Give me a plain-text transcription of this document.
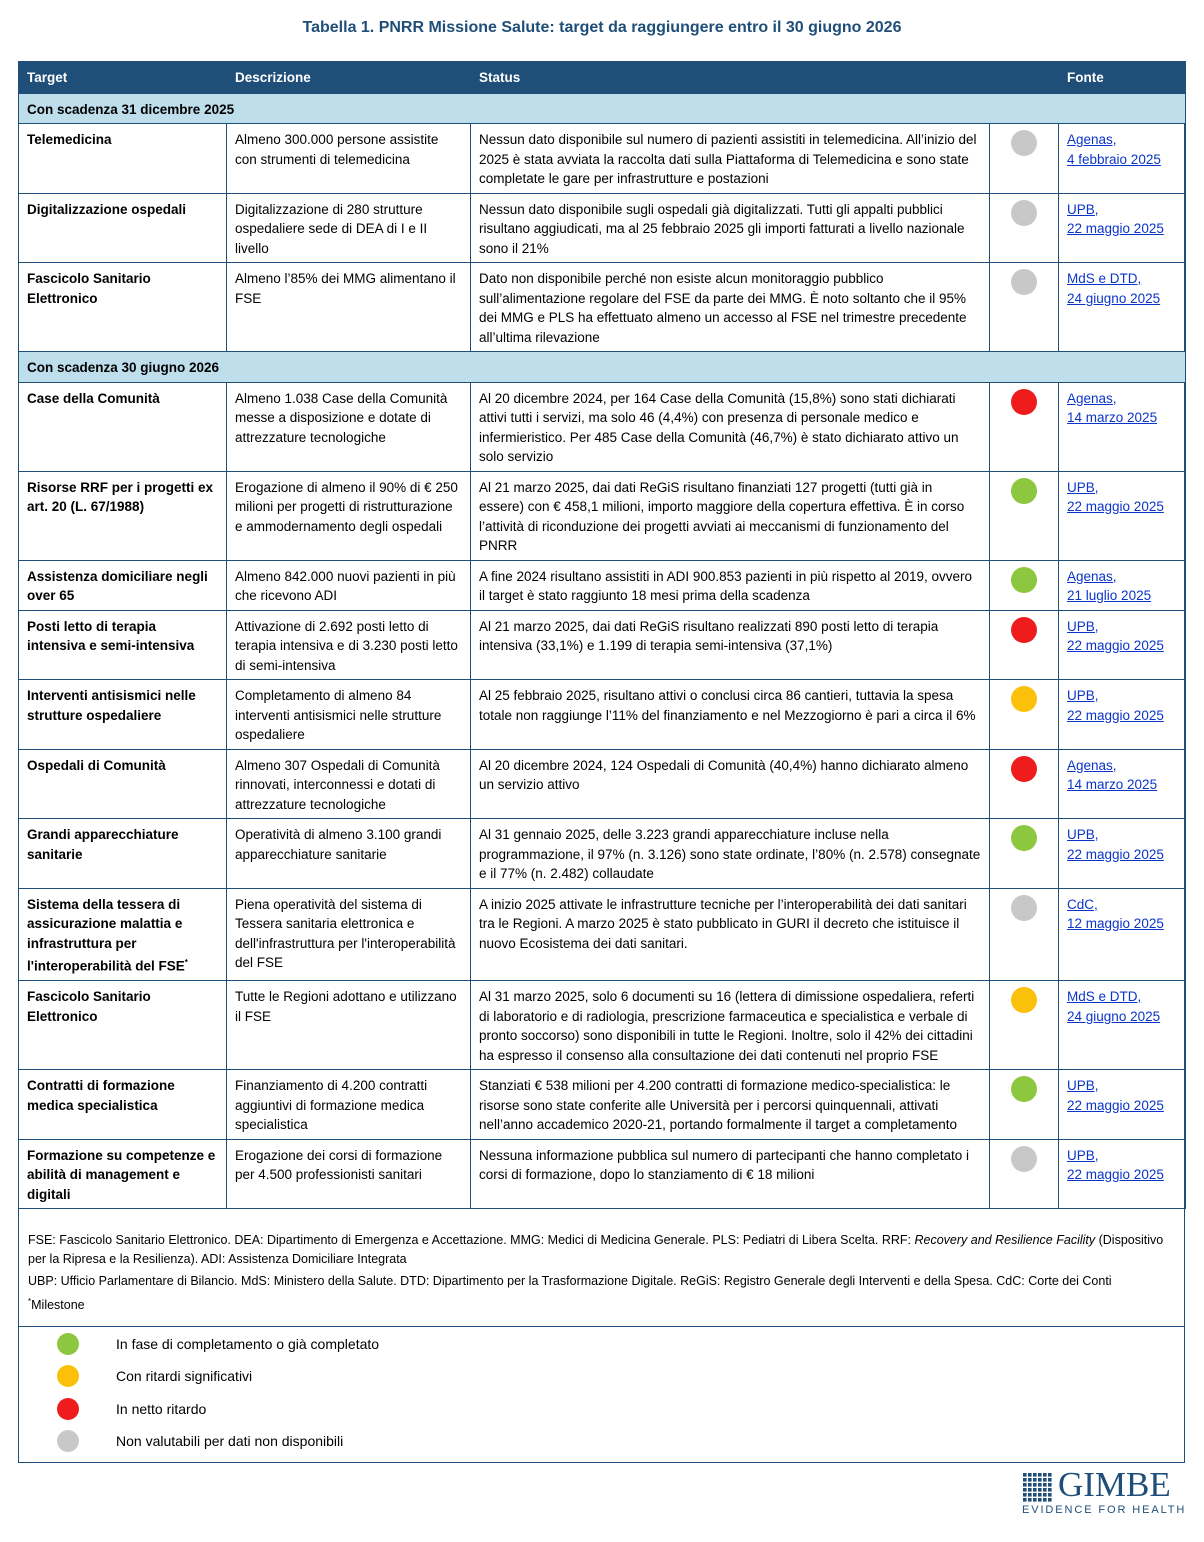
Tabella 1. PNRR Missione Salute: target da raggiungere entro il 30 giugno 2026
Target	Descrizione	Status		Fonte
Con scadenza 31 dicembre 2025				
Telemedicina	Almeno 300.000 persone assistite con strumenti di telemedicina	Nessun dato disponibile sul numero di pazienti assistiti in telemedicina. All’inizio del 2025 è stata avviata la raccolta dati sulla Piattaforma di Telemedicina e sono state completate le gare per infrastrutture e postazioni		Agenas,
4 febbraio 2025
Digitalizzazione ospedali	Digitalizzazione di 280 strutture ospedaliere sede di DEA di I e II livello	Nessun dato disponibile sugli ospedali già digitalizzati. Tutti gli appalti pubblici risultano aggiudicati, ma al 25 febbraio 2025 gli importi fatturati a livello nazionale sono il 21%		UPB,
22 maggio 2025
Fascicolo Sanitario Elettronico	Almeno l’85% dei MMG alimentano il FSE	Dato non disponibile perché non esiste alcun monitoraggio pubblico sull’alimentazione regolare del FSE da parte dei MMG. È noto soltanto che il 95% dei MMG e PLS ha effettuato almeno un accesso al FSE nel trimestre precedente all’ultima rilevazione		MdS e DTD,
24 giugno 2025
Con scadenza 30 giugno 2026				
Case della Comunità	Almeno 1.038 Case della Comunità messe a disposizione e dotate di attrezzature tecnologiche	Al 20 dicembre 2024, per 164 Case della Comunità (15,8%) sono stati dichiarati attivi tutti i servizi, ma solo 46 (4,4%) con presenza di personale medico e infermieristico. Per 485 Case della Comunità (46,7%) è stato dichiarato attivo un solo servizio		Agenas,
14 marzo 2025
Risorse RRF per i progetti ex art. 20 (L. 67/1988)	Erogazione di almeno il 90% di € 250 milioni per progetti di ristrutturazione e ammodernamento degli ospedali	Al 21 marzo 2025, dai dati ReGiS risultano finanziati 127 progetti (tutti già in essere) con € 458,1 milioni, importo maggiore della copertura effettiva. È in corso l’attività di riconduzione dei progetti avviati ai meccanismi di funzionamento del PNRR		UPB,
22 maggio 2025
Assistenza domiciliare negli over 65	Almeno 842.000 nuovi pazienti in più che ricevono ADI	A fine 2024 risultano assistiti in ADI 900.853 pazienti in più rispetto al 2019, ovvero il target è stato raggiunto 18 mesi prima della scadenza		Agenas,
21 luglio 2025
Posti letto di terapia intensiva e semi-intensiva	Attivazione di 2.692 posti letto di terapia intensiva e di 3.230 posti letto di semi-intensiva	Al 21 marzo 2025, dai dati ReGiS risultano realizzati 890 posti letto di terapia intensiva (33,1%) e 1.199 di terapia semi-intensiva (37,1%)		UPB,
22 maggio 2025
Interventi antisismici nelle strutture ospedaliere	Completamento di almeno 84 interventi antisismici nelle strutture ospedaliere	Al 25 febbraio 2025, risultano attivi o conclusi circa 86 cantieri, tuttavia la spesa totale non raggiunge l’11% del finanziamento e nel Mezzogiorno è pari a circa il 6%		UPB,
22 maggio 2025
Ospedali di Comunità	Almeno 307 Ospedali di Comunità rinnovati, interconnessi e dotati di attrezzature tecnologiche	Al 20 dicembre 2024, 124 Ospedali di Comunità (40,4%) hanno dichiarato almeno un servizio attivo		Agenas,
14 marzo 2025
Grandi apparecchiature sanitarie	Operatività di almeno 3.100 grandi apparecchiature sanitarie	Al 31 gennaio 2025, delle 3.223 grandi apparecchiature incluse nella programmazione, il 97% (n. 3.126) sono state ordinate, l’80% (n. 2.578) consegnate e il 77% (n. 2.482) collaudate		UPB,
22 maggio 2025
Sistema della tessera di assicurazione malattia e infrastruttura per l'interoperabilità del FSE*	Piena operatività del sistema di Tessera sanitaria elettronica e dell'infrastruttura per l'interoperabilità del FSE	A inizio 2025 attivate le infrastrutture tecniche per l’interoperabilità dei dati sanitari tra le Regioni. A marzo 2025 è stato pubblicato in GURI il decreto che istituisce il nuovo Ecosistema dei dati sanitari.		CdC,
12 maggio 2025
Fascicolo Sanitario Elettronico	Tutte le Regioni adottano e utilizzano il FSE	Al 31 marzo 2025, solo 6 documenti su 16 (lettera di dimissione ospedaliera, referti di laboratorio e di radiologia, prescrizione farmaceutica e specialistica e verbale di pronto soccorso) sono disponibili in tutte le Regioni. Inoltre, solo il 42% dei cittadini ha espresso il consenso alla consultazione dei dati contenuti nel proprio FSE		MdS e DTD,
24 giugno 2025
Contratti di formazione medica specialistica	Finanziamento di 4.200 contratti aggiuntivi di formazione medica specialistica	Stanziati € 538 milioni per 4.200 contratti di formazione medico-specialistica: le risorse sono state conferite alle Università per i percorsi quinquennali, attivati nell’anno accademico 2020-21, portando formalmente il target a completamento		UPB,
22 maggio 2025
Formazione su competenze e abilità di management e digitali	Erogazione dei corsi di formazione per 4.500 professionisti sanitari	Nessuna informazione pubblica sul numero di partecipanti che hanno completato i corsi di formazione, dopo lo stanziamento di € 18 milioni		UPB,
22 maggio 2025
FSE: Fascicolo Sanitario Elettronico. DEA: Dipartimento di Emergenza e Accettazione. MMG: Medici di Medicina Generale. PLS: Pediatri di Libera Scelta. RRF: Recovery and Resilience Facility (Dispositivo per la Ripresa e la Resilienza). ADI: Assistenza Domiciliare Integrata
UBP: Ufficio Parlamentare di Bilancio. MdS: Ministero della Salute. DTD: Dipartimento per la Trasformazione Digitale. ReGiS: Registro Generale degli Interventi e della Spesa. CdC: Corte dei Conti
*Milestone
In fase di completamento o già completato
Con ritardi significativi
In netto ritardo
Non valutabili per dati non disponibili
GIMBE
EVIDENCE FOR HEALTH
